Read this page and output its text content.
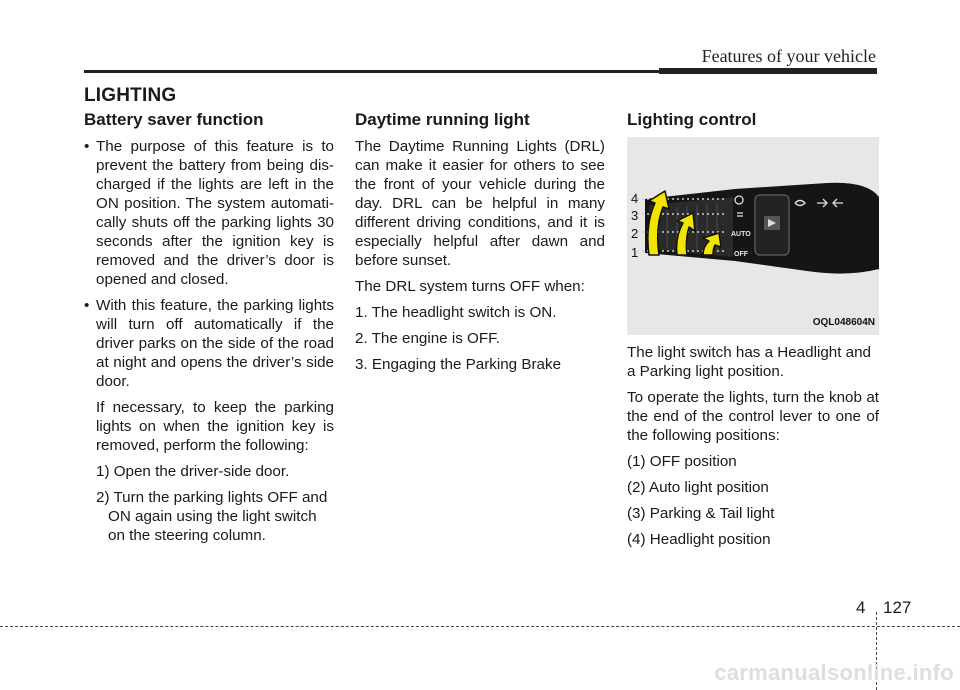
Features of your vehicle
LIGHTING
Battery saver function
• The purpose of this feature is to prevent the battery from being dis-charged if the lights are left in the ON position. The system automati-cally shuts off the parking lights 30 seconds after the ignition key is removed and the driver’s door is opened and closed.
• With this feature, the parking lights will turn off automatically if the driver parks on the side of the road at night and opens the driver’s side door.

If necessary, to keep the parking lights on when the ignition key is removed, perform the following:

1) Open the driver-side door.

2) Turn the parking lights OFF and ON again using the light switch on the steering column.

Daytime running light

The Daytime Running Lights (DRL) can make it easier for others to see the front of your vehicle during the day. DRL can be helpful in many different driving conditions, and it is especially helpful after dawn and before sunset.

The DRL system turns OFF when:

1. The headlight switch is ON.

2. The engine is OFF.

3. Engaging the Parking Brake

Lighting control
AUTO
OFF
4
3
2
1
OQL048604N

The light switch has a Headlight and a Parking light position.

To operate the lights, turn the knob at the end of the control lever to one of the following positions:

(1) OFF position

(2) Auto light position

(3) Parking & Tail light

(4) Headlight position

4 127
carmanualsonline.info
